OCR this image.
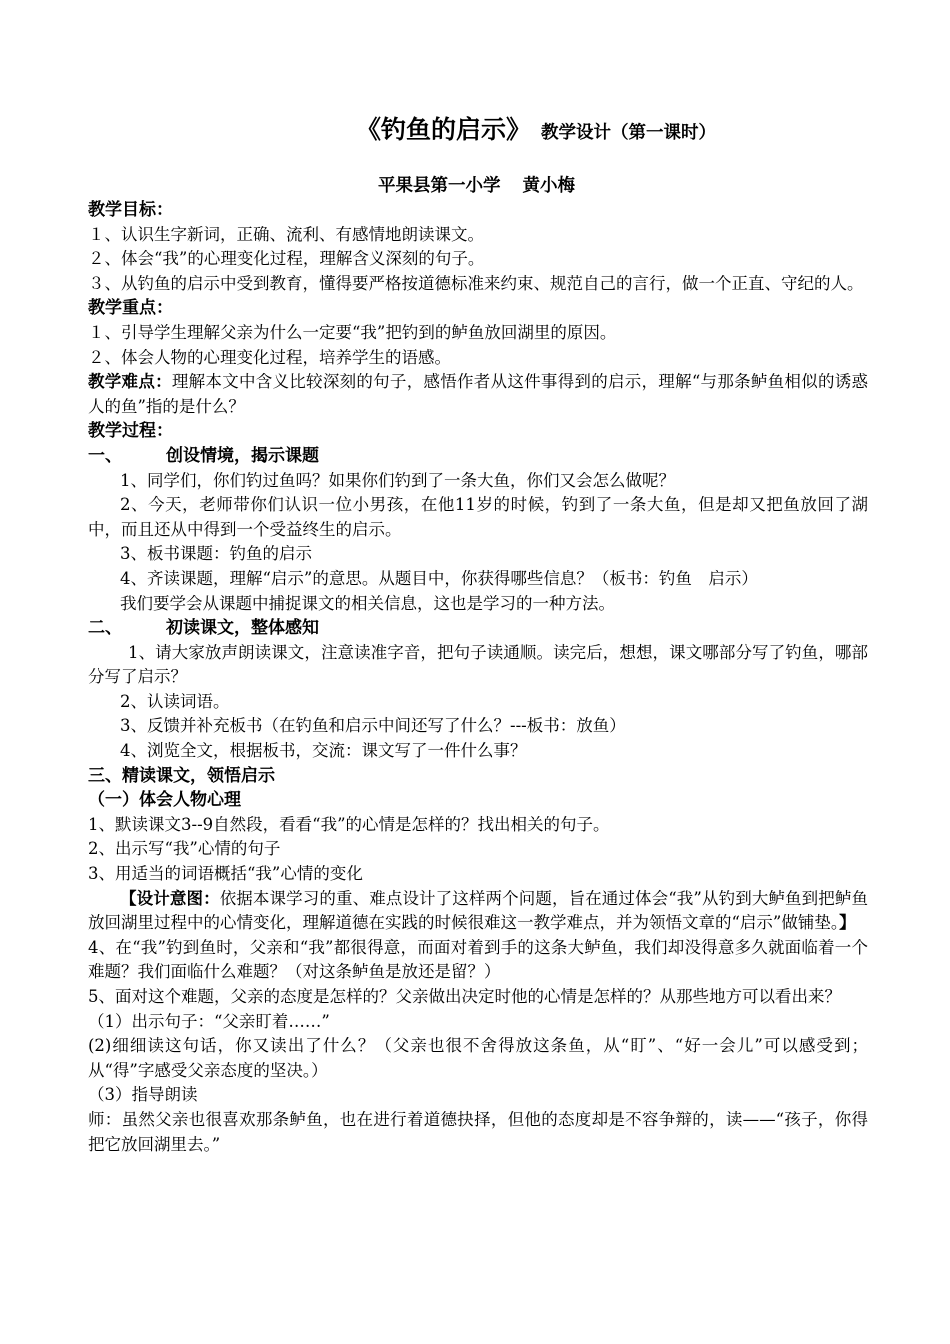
《钓鱼的启示》 教学设计（第一课时）
平果县第一小学 黄小梅

教学目标：

１、认识生字新词，正确、流利、有感情地朗读课文。

２、体会“我”的心理变化过程，理解含义深刻的句子。

３、从钓鱼的启示中受到教育，懂得要严格按道德标准来约束、规范自己的言行，做一个正直、守纪的人。

教学重点：

１、引导学生理解父亲为什么一定要“我”把钓到的鲈鱼放回湖里的原因。

２、体会人物的心理变化过程，培养学生的语感。

教学难点：理解本文中含义比较深刻的句子，感悟作者从这件事得到的启示，理解“与那条鲈鱼相似的诱惑人的鱼”指的是什么？

教学过程：

一、	创设情境，揭示课题

1、同学们，你们钓过鱼吗？如果你们钓到了一条大鱼，你们又会怎么做呢？

2、今天，老师带你们认识一位小男孩，在他11岁的时候，钓到了一条大鱼，但是却又把鱼放回了湖中，而且还从中得到一个受益终生的启示。

3、板书课题：钓鱼的启示

4、齐读课题，理解“启示”的意思。从题目中，你获得哪些信息？（板书：钓鱼　启示）

我们要学会从课题中捕捉课文的相关信息，这也是学习的一种方法。

二、	初读课文，整体感知

1、请大家放声朗读课文，注意读准字音，把句子读通顺。读完后，想想，课文哪部分写了钓鱼，哪部分写了启示？

2、认读词语。

3、反馈并补充板书（在钓鱼和启示中间还写了什么？---板书：放鱼）

4、浏览全文，根据板书，交流：课文写了一件什么事？

三、精读课文，领悟启示

（一）体会人物心理

1、默读课文3--9自然段，看看“我”的心情是怎样的？找出相关的句子。

2、出示写“我”心情的句子

3、用适当的词语概括“我”心情的变化

【设计意图：依据本课学习的重、难点设计了这样两个问题，旨在通过体会“我”从钓到大鲈鱼到把鲈鱼放回湖里过程中的心情变化，理解道德在实践的时候很难这一教学难点，并为领悟文章的“启示”做铺垫。】

4、在“我”钓到鱼时，父亲和“我”都很得意，而面对着到手的这条大鲈鱼，我们却没得意多久就面临着一个难题？我们面临什么难题？（对这条鲈鱼是放还是留？）

5、面对这个难题，父亲的态度是怎样的？父亲做出决定时他的心情是怎样的？从那些地方可以看出来？

（1）出示句子：“父亲盯着……”

(2)细细读这句话，你又读出了什么？（父亲也很不舍得放这条鱼，从“盯”、“好一会儿”可以感受到；从“得”字感受父亲态度的坚决。）

（3）指导朗读

师：虽然父亲也很喜欢那条鲈鱼，也在进行着道德抉择，但他的态度却是不容争辩的，读——“孩子，你得把它放回湖里去。”
